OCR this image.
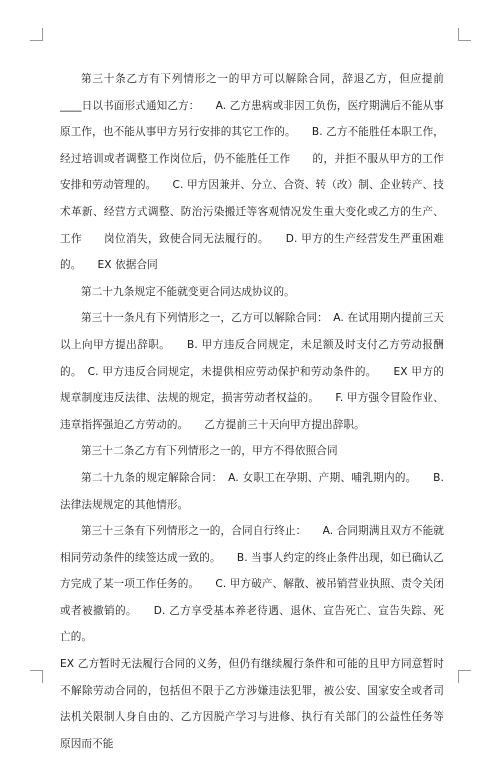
第三十条乙方有下列情形之一的甲方可以解除合同，辞退乙方，但应提前____日以书面形式通知乙方：　　A. 乙方患病或非因工负伤，医疗期满后不能从事原工作，也不能从事甲方另行安排的其它工作的。　　B. 乙方不能胜任本职工作，经过培训或者调整工作岗位后，仍不能胜任工作　　的，并拒不服从甲方的工作安排和劳动管理的。　　C. 甲方因兼并、分立、合资、转（改）制、企业转产、技术革新、经营方式调整、防治污染搬迁等客观情况发生重大变化或乙方的生产、工作　　岗位消失，致使合同无法履行的。　　D. 甲方的生产经营发生严重困难的。　　EX 依据合同

第二十九条规定不能就变更合同达成协议的。

第三十一条凡有下列情形之一，乙方可以解除合同：　A. 在试用期内提前三天以上向甲方提出辞职。　　B. 甲方违反合同规定，未足额及时支付乙方劳动报酬的。　C. 甲方违反合同规定，未提供相应劳动保护和劳动条件的。　　EX 甲方的规章制度违反法律、法规的规定，损害劳动者权益的。　　F. 甲方强令冒险作业、违章指挥强迫乙方劳动的。　　乙方提前三十天向甲方提出辞职。

第三十二条乙方有下列情形之一的，甲方不得依照合同

第二十九条的规定解除合同：　A. 女职工在孕期、产期、哺乳期内的。　　B. 法律法规规定的其他情形。

第三十三条有下列情形之一的，合同自行终止：　　A. 合同期满且双方不能就相同劳动条件的续签达成一致的。　　B. 当事人约定的终止条件出现，如已确认乙方完成了某一项工作任务的。　　C. 甲方破产、解散、被吊销营业执照、责令关闭或者被撤销的。　　D. 乙方享受基本养老待遇、退休、宣告死亡、宣告失踪、死亡的。

EX 乙方暂时无法履行合同的义务，但仍有继续履行条件和可能的且甲方同意暂时不解除劳动合同的，包括但不限于乙方涉嫌违法犯罪，被公安、国家安全或者司法机关限制人身自由的、乙方因脱产学习与进修、执行有关部门的公益性任务等原因而不能
